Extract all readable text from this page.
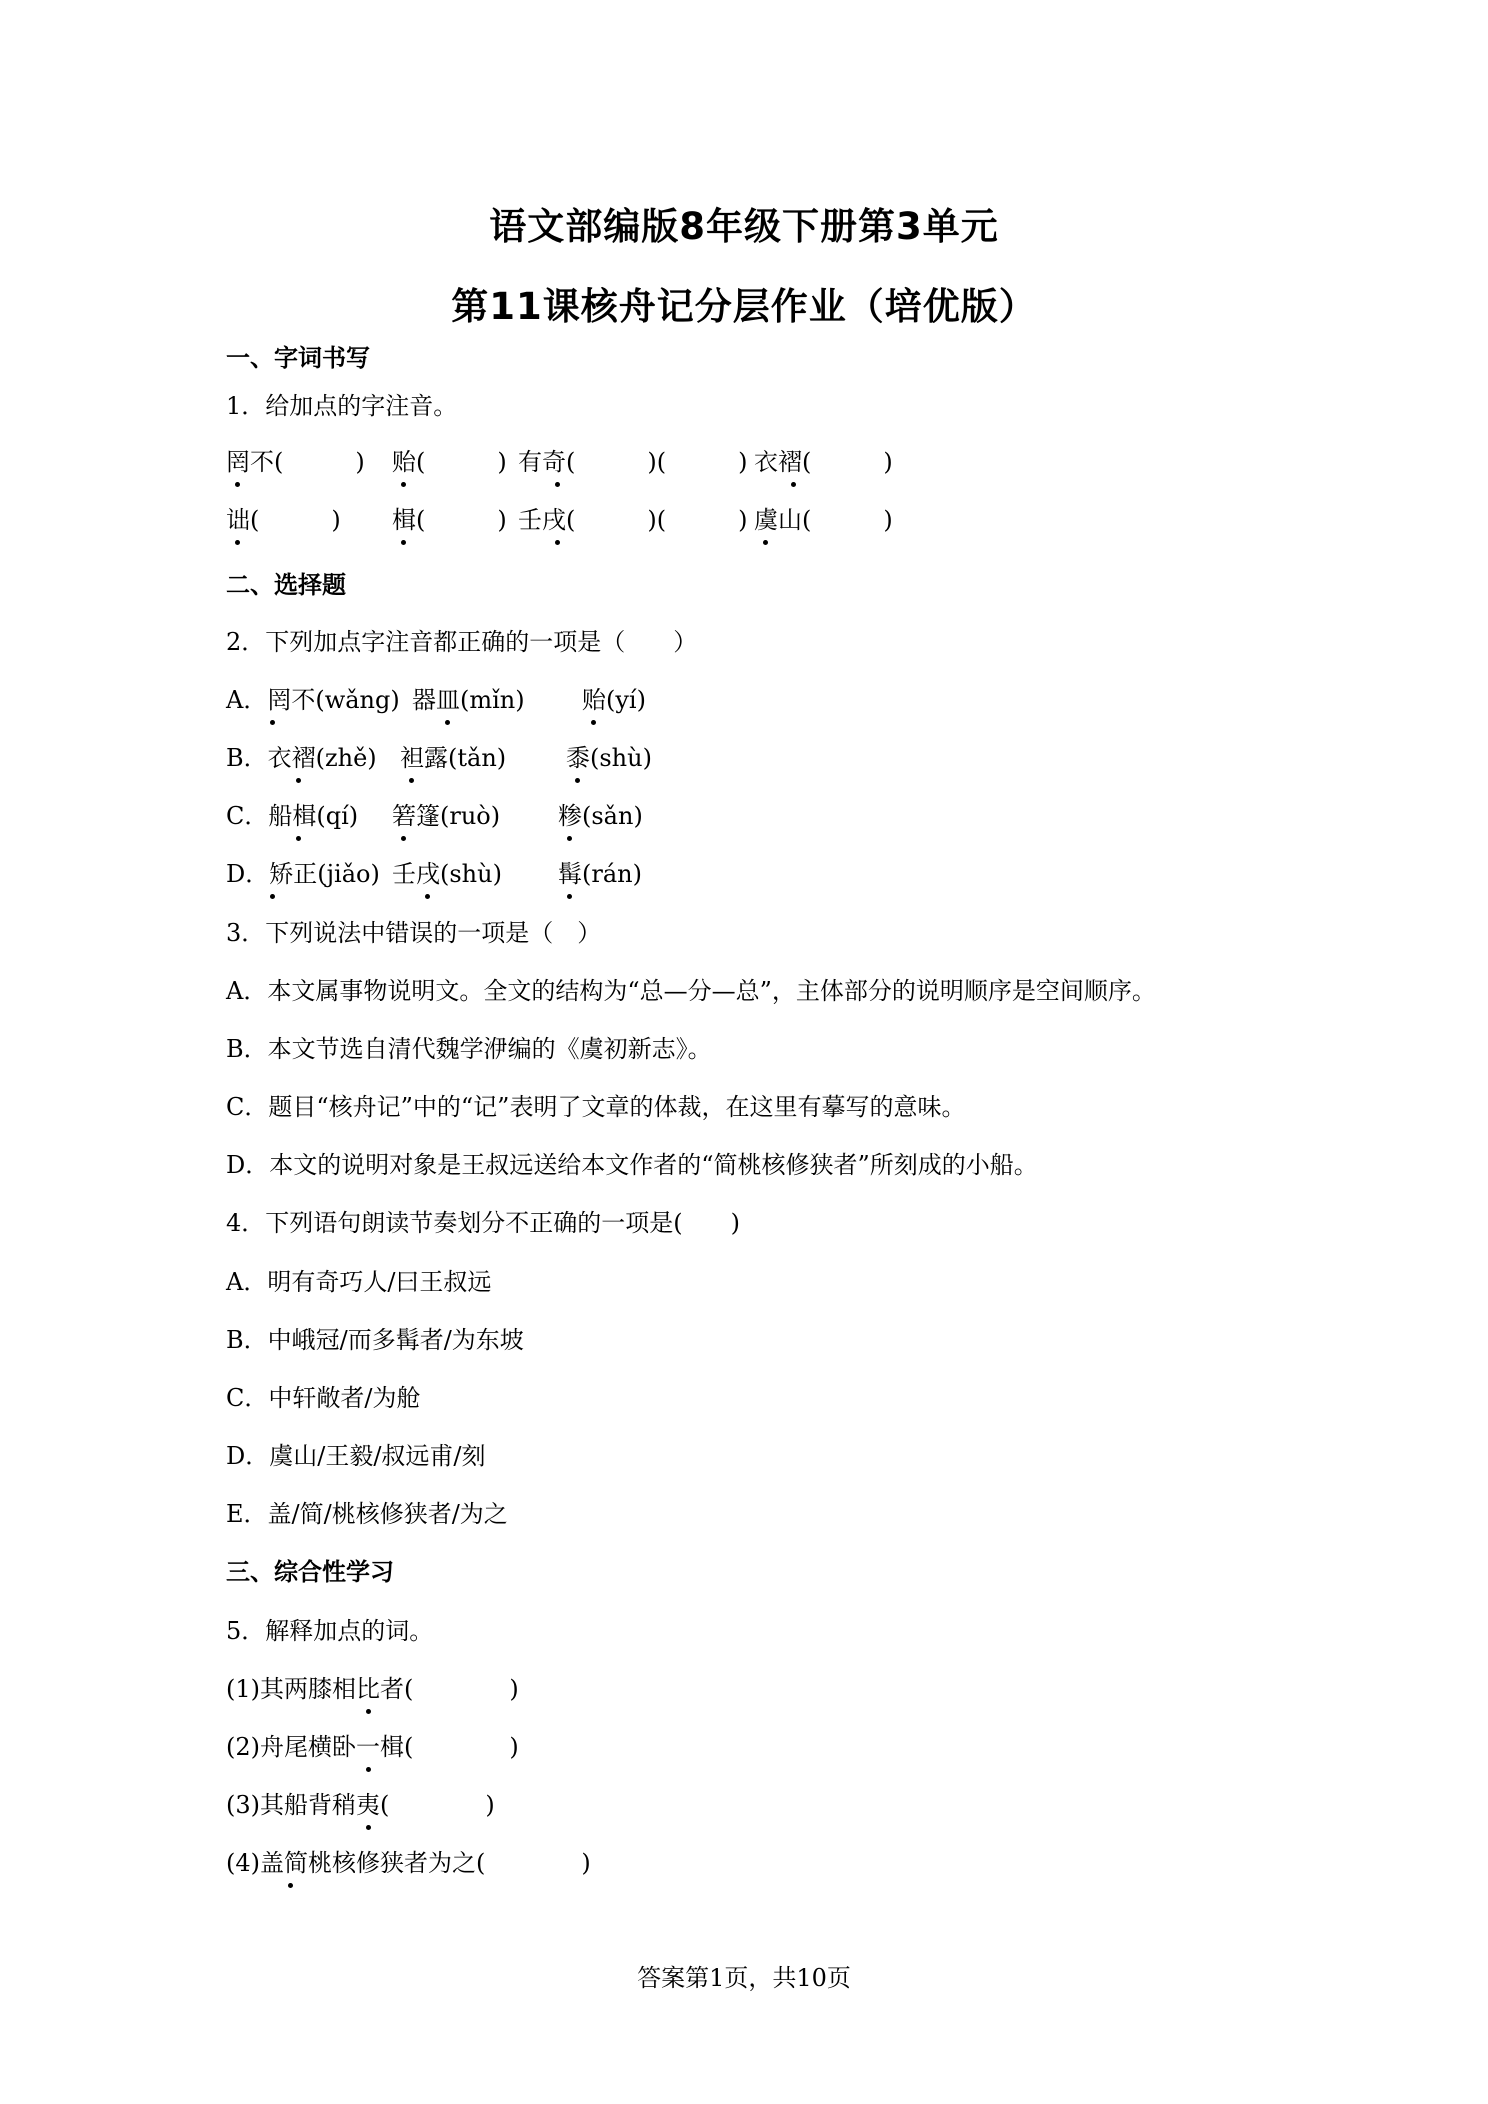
语文部编版8年级下册第3单元
第11课核舟记分层作业（培优版）
一、字词书写
1．给加点的字注音。
罔不(　　　)	贻(　　　) 有奇(　　　)(　　　) 衣褶(　　　)
诎(　　　)	楫(　　　) 壬戌(　　　)(　　　) 虞山(　　　)
二、选择题
2．下列加点字注音都正确的一项是（　　）
A．罔不(wǎng) 器皿(mǐn)	贻(yí)
B．衣褶(zhě) 袒露(tǎn)	黍(shù)
C．船楫(qí)	箬篷(ruò)	糁(sǎn)
D．矫正(jiǎo) 壬戌(shù)	髯(rán)
3．下列说法中错误的一项是（　）
A．本文属事物说明文。全文的结构为“总—分—总”，主体部分的说明顺序是空间顺序。
B．本文节选自清代魏学洢编的《虞初新志》。
C．题目“核舟记”中的“记”表明了文章的体裁，在这里有摹写的意味。
D．本文的说明对象是王叔远送给本文作者的“简桃核修狭者”所刻成的小船。
4．下列语句朗读节奏划分不正确的一项是(　　)
A．明有奇巧人/曰王叔远
B．中峨冠/而多髯者/为东坡
C．中轩敞者/为舱
D．虞山/王毅/叔远甫/刻
E．盖/简/桃核修狭者/为之
三、综合性学习
5．解释加点的词。
(1)其两膝相比者(　　　　)
(2)舟尾横卧一楫(　　　　)
(3)其船背稍夷(　　　　)
(4)盖简桃核修狭者为之(　　　　)
答案第1页，共10页
